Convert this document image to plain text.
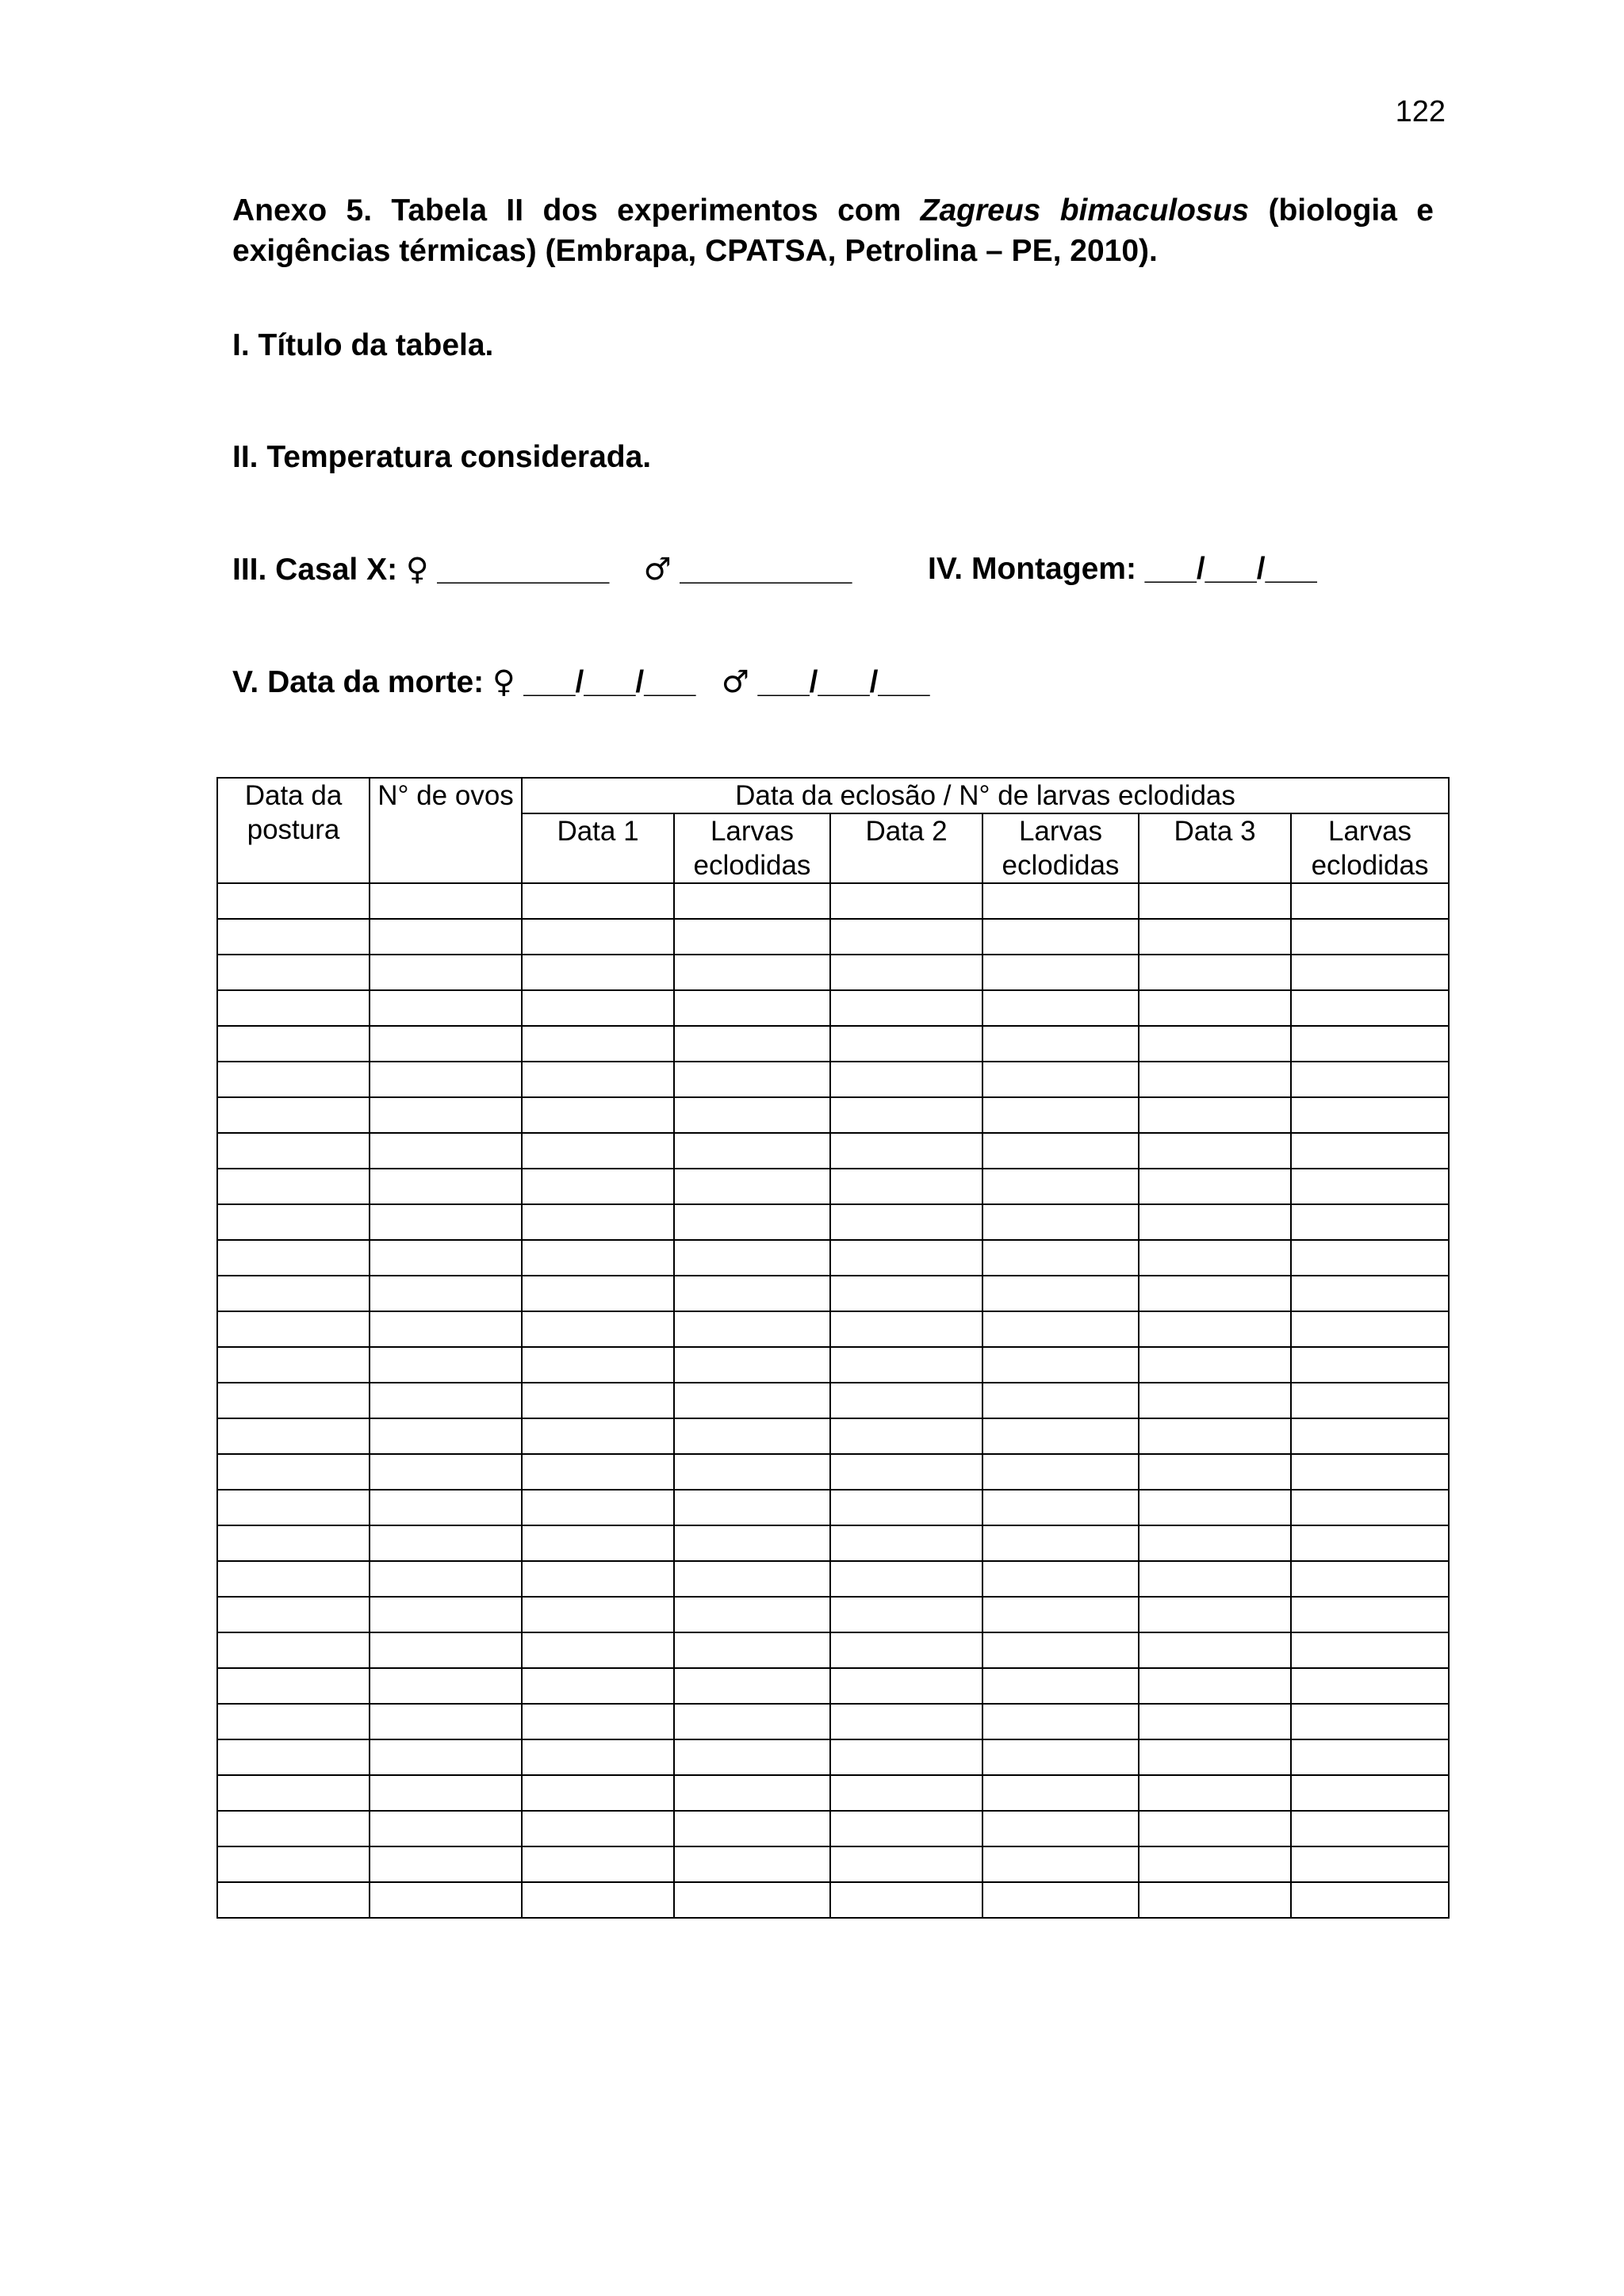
122
Anexo 5. Tabela II dos experimentos com Zagreus bimaculosus (biologia e exigências térmicas) (Embrapa, CPATSA, Petrolina – PE, 2010).
I. Título da tabela.
II. Temperatura considerada.
III. Casal X: ♀ __________ ♂ __________ IV. Montagem: ___/___/___
V. Data da morte: ♀ ___/___/___ ♂ ___/___/___
Data da postura	N° de ovos	Data da eclosão / N° de larvas eclodidas					
		Data 1	Larvas eclodidas	Data 2	Larvas eclodidas	Data 3	Larvas eclodidas
